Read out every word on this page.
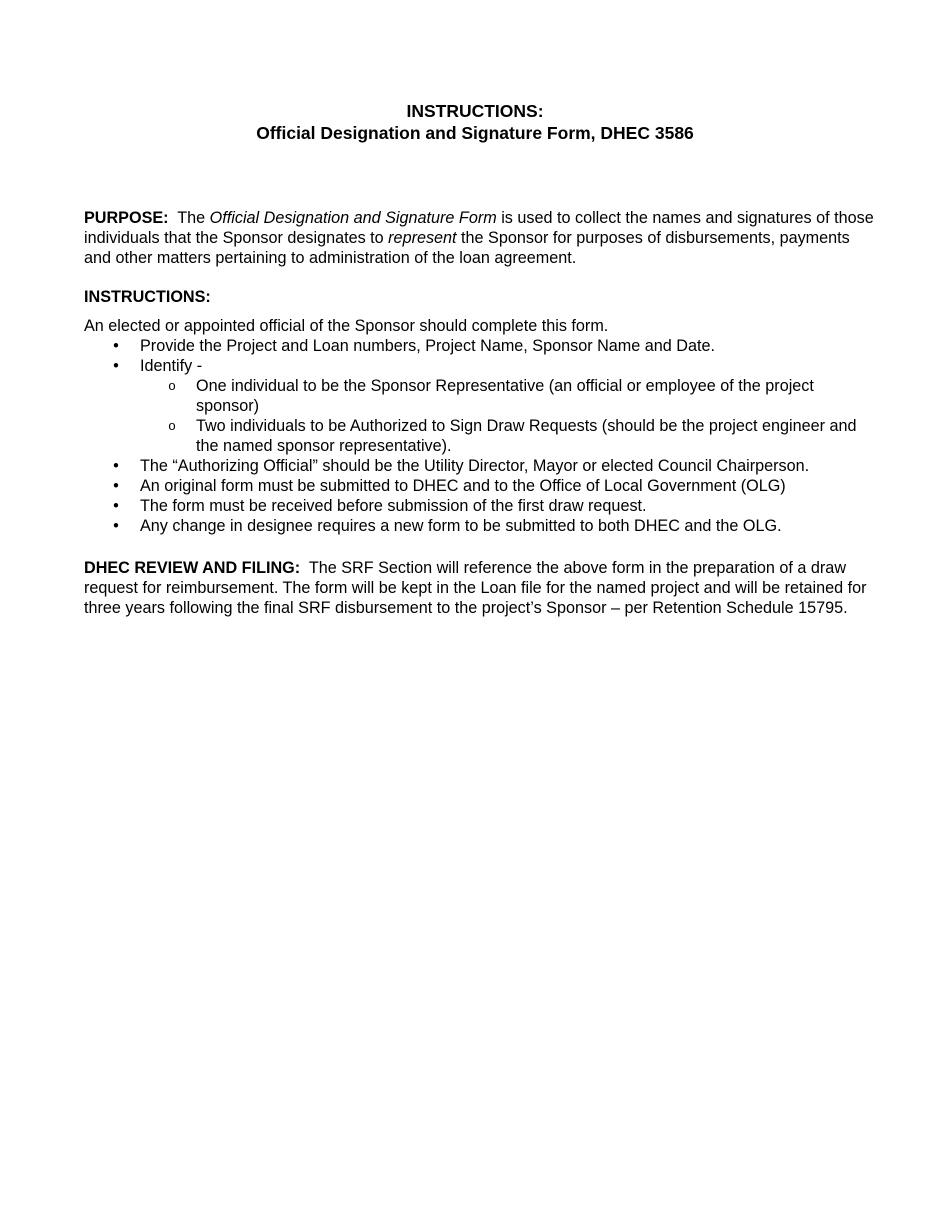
INSTRUCTIONS:
Official Designation and Signature Form, DHEC 3586
PURPOSE: The Official Designation and Signature Form is used to collect the names and signatures of those individuals that the Sponsor designates to represent the Sponsor for purposes of disbursements, payments and other matters pertaining to administration of the loan agreement.
INSTRUCTIONS:
An elected or appointed official of the Sponsor should complete this form.
• Provide the Project and Loan numbers, Project Name, Sponsor Name and Date.
• Identify -
o One individual to be the Sponsor Representative (an official or employee of the project sponsor)
o Two individuals to be Authorized to Sign Draw Requests (should be the project engineer and the named sponsor representative).
• The “Authorizing Official” should be the Utility Director, Mayor or elected Council Chairperson.
• An original form must be submitted to DHEC and to the Office of Local Government (OLG)
• The form must be received before submission of the first draw request.
• Any change in designee requires a new form to be submitted to both DHEC and the OLG.
DHEC REVIEW AND FILING: The SRF Section will reference the above form in the preparation of a draw request for reimbursement. The form will be kept in the Loan file for the named project and will be retained for three years following the final SRF disbursement to the project’s Sponsor – per Retention Schedule 15795.
